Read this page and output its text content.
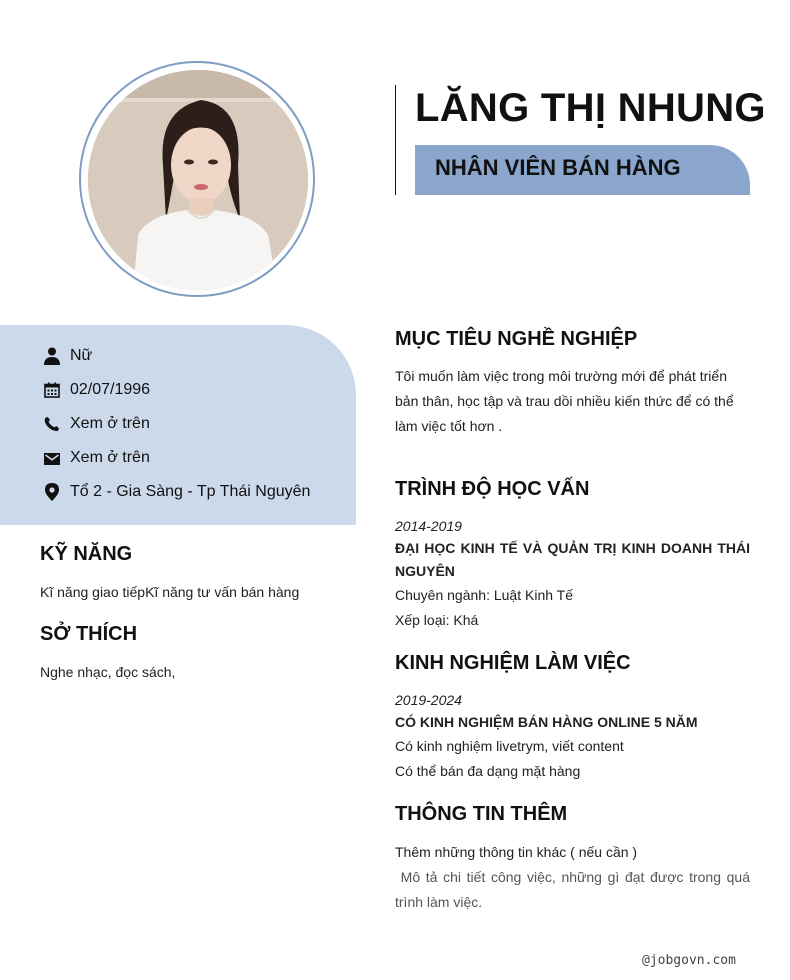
LĂNG THỊ NHUNG
NHÂN VIÊN BÁN HÀNG
Nữ
02/07/1996
Xem ở trên
Xem ở trên
Tổ 2 - Gia Sàng - Tp Thái Nguyên
KỸ NĂNG
Kĩ năng giao tiếpKĩ năng tư vấn bán hàng
SỞ THÍCH
Nghe nhạc, đọc sách,
MỤC TIÊU NGHỀ NGHIỆP
Tôi muốn làm việc trong môi trường mới để phát triển
bản thân, học tập và trau dồi nhiều kiến thức để có thể
làm việc tốt hơn .
TRÌNH ĐỘ HỌC VẤN
2014-2019
ĐẠI HỌC KINH TẾ VÀ QUẢN TRỊ KINH DOANH THÁI
NGUYÊN
Chuyên ngành: Luật Kinh Tế
Xếp loại: Khá
KINH NGHIỆM LÀM VIỆC
2019-2024
CÓ KINH NGHIỆM BÁN HÀNG ONLINE 5 NĂM
Có kinh nghiệm livetrym, viết content
Có thể bán đa dạng mặt hàng
THÔNG TIN THÊM
Thêm những thông tin khác ( nếu cần )
Mô tả chi tiết công việc, những gì đạt được trong quá
trình làm việc.
@jobgovn.com
